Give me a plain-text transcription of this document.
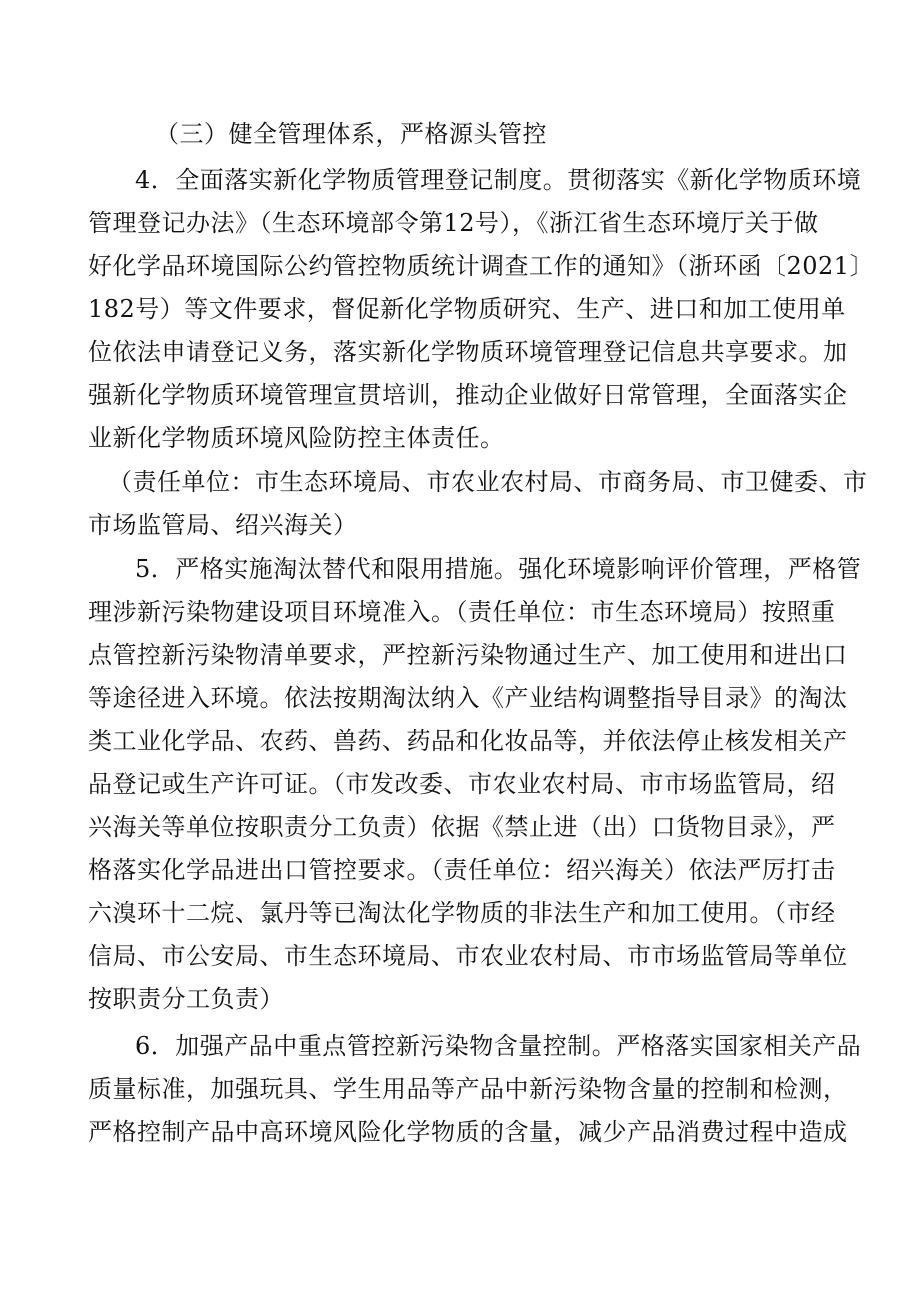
（三）健全管理体系，严格源头管控
4．全面落实新化学物质管理登记制度。贯彻落实《新化学物质环境
管理登记办法》（生态环境部令第12号），《浙江省生态环境厅关于做
好化学品环境国际公约管控物质统计调查工作的通知》（浙环函〔2021〕
182号）等文件要求，督促新化学物质研究、生产、进口和加工使用单
位依法申请登记义务，落实新化学物质环境管理登记信息共享要求。加
强新化学物质环境管理宣贯培训，推动企业做好日常管理，全面落实企
业新化学物质环境风险防控主体责任。
（责任单位：市生态环境局、市农业农村局、市商务局、市卫健委、市
市场监管局、绍兴海关）
5．严格实施淘汰替代和限用措施。强化环境影响评价管理，严格管
理涉新污染物建设项目环境准入。（责任单位：市生态环境局）按照重
点管控新污染物清单要求，严控新污染物通过生产、加工使用和进出口
等途径进入环境。依法按期淘汰纳入《产业结构调整指导目录》的淘汰
类工业化学品、农药、兽药、药品和化妆品等，并依法停止核发相关产
品登记或生产许可证。（市发改委、市农业农村局、市市场监管局，绍
兴海关等单位按职责分工负责）依据《禁止进（出）口货物目录》，严
格落实化学品进出口管控要求。（责任单位：绍兴海关）依法严厉打击
六溴环十二烷、氯丹等已淘汰化学物质的非法生产和加工使用。（市经
信局、市公安局、市生态环境局、市农业农村局、市市场监管局等单位
按职责分工负责）
6．加强产品中重点管控新污染物含量控制。严格落实国家相关产品
质量标准，加强玩具、学生用品等产品中新污染物含量的控制和检测，
严格控制产品中高环境风险化学物质的含量，减少产品消费过程中造成
